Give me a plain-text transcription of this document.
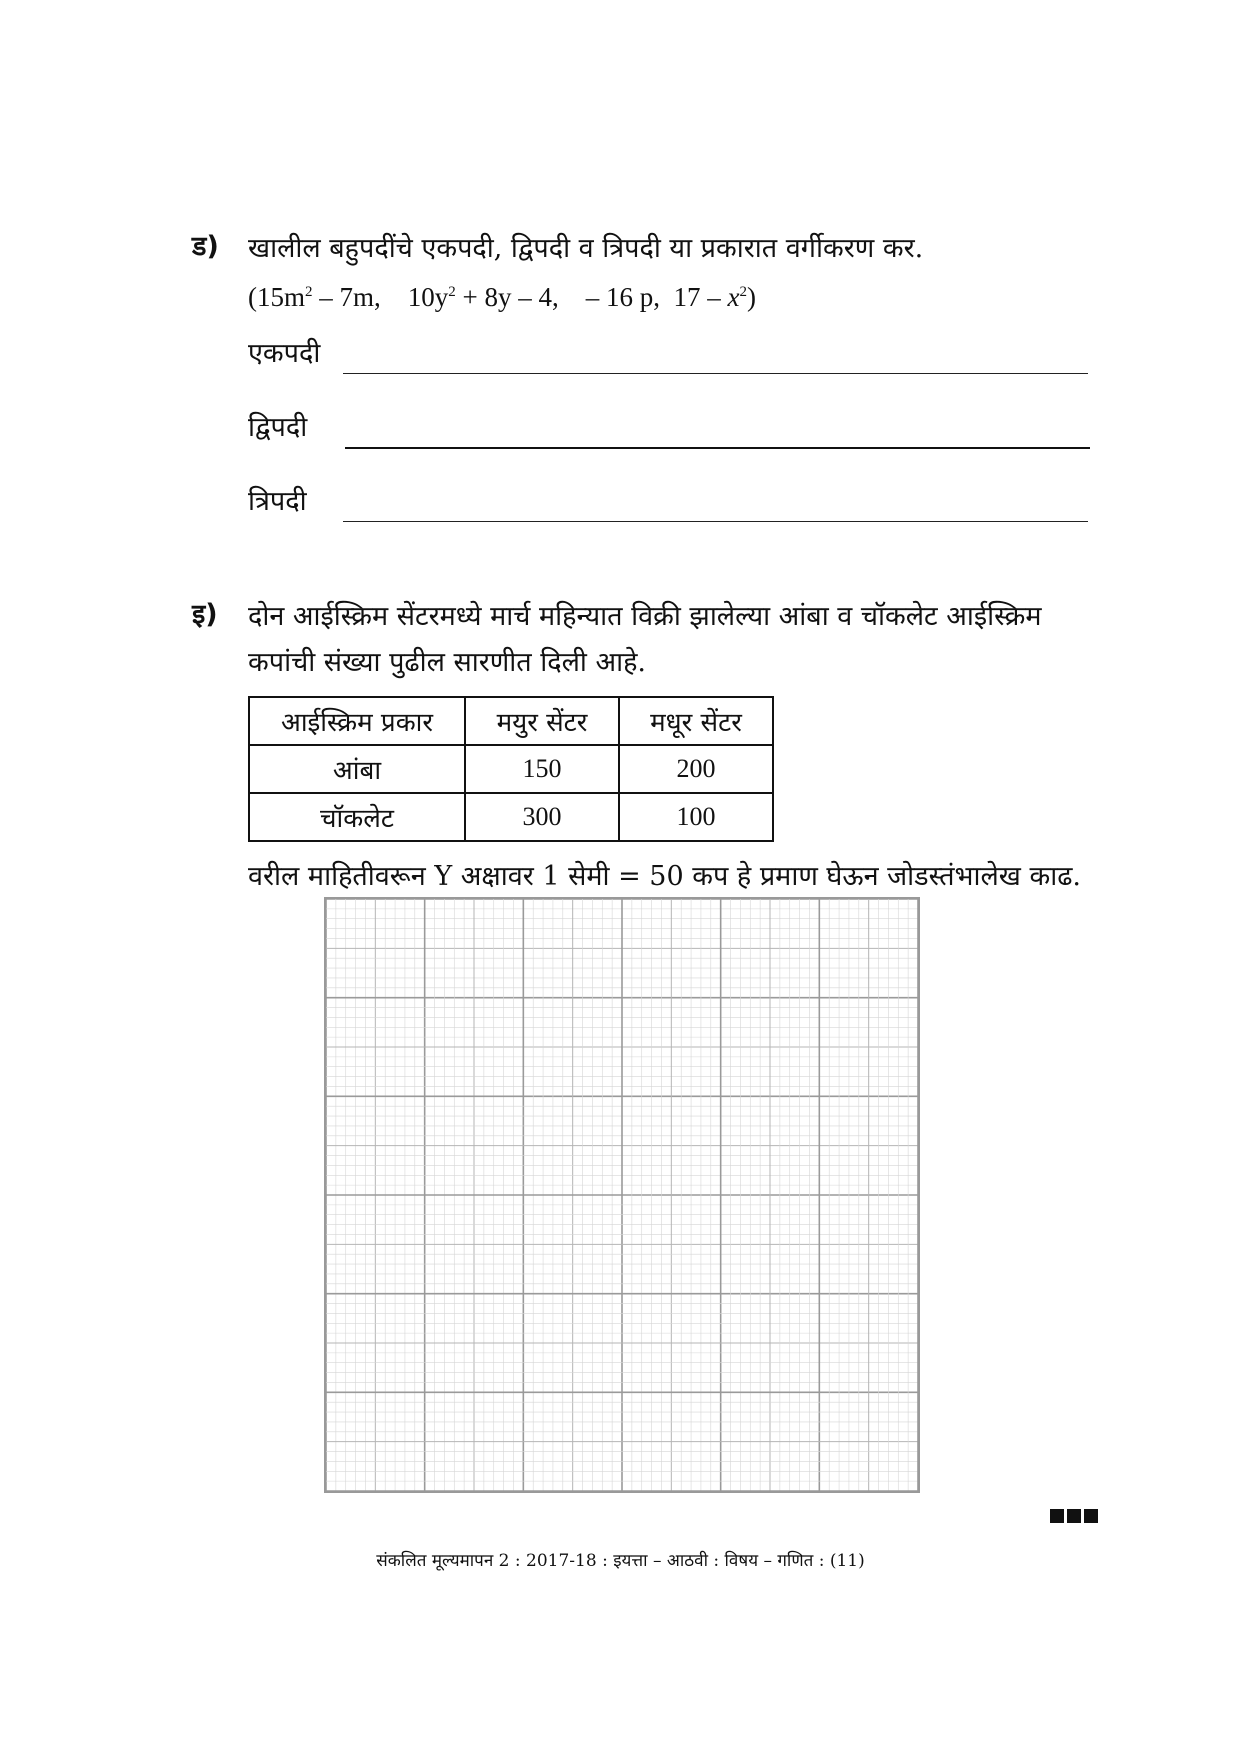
ड) खालील बहुपदींचे एकपदी, द्विपदी व त्रिपदी या प्रकारात वर्गीकरण कर.
($15m^2 - 7m$, $10y^2 + 8y - 4$, – 16 p, $17 - x^2$)
एकपदी
द्विपदी
त्रिपदी
इ) दोन आईस्क्रिम सेंटरमध्ये मार्च महिन्यात विक्री झालेल्या आंबा व चॉकलेट आईस्क्रिम
कपांची संख्या पुढील सारणीत दिली आहे.
आईस्क्रिम प्रकार	मयुर सेंटर	मधूर सेंटर
आंबा	150	200
चॉकलेट	300	100
वरील माहितीवरून Y अक्षावर 1 सेमी = 50 कप हे प्रमाण घेऊन जोडस्तंभालेख काढ.
संकलित मूल्यमापन 2 : 2017-18 : इयत्ता – आठवी : विषय – गणित : (11)
